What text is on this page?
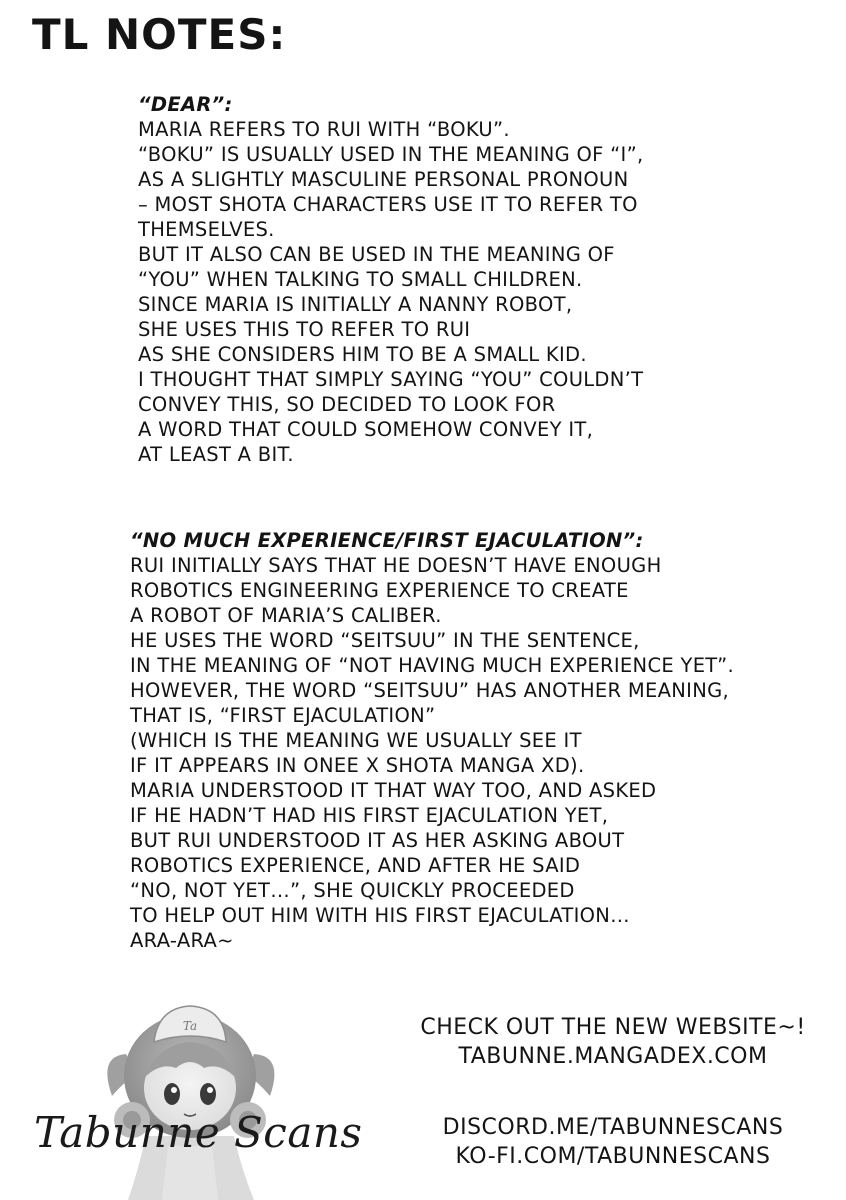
TL NOTES:
“DEAR”:
MARIA REFERS TO RUI WITH “BOKU”.
“BOKU” IS USUALLY USED IN THE MEANING OF “I”,
AS A SLIGHTLY MASCULINE PERSONAL PRONOUN
– MOST SHOTA CHARACTERS USE IT TO REFER TO
THEMSELVES.
BUT IT ALSO CAN BE USED IN THE MEANING OF
“YOU” WHEN TALKING TO SMALL CHILDREN.
SINCE MARIA IS INITIALLY A NANNY ROBOT,
SHE USES THIS TO REFER TO RUI
AS SHE CONSIDERS HIM TO BE A SMALL KID.
I THOUGHT THAT SIMPLY SAYING “YOU” COULDN’T
CONVEY THIS, SO DECIDED TO LOOK FOR
A WORD THAT COULD SOMEHOW CONVEY IT,
AT LEAST A BIT.
“NO MUCH EXPERIENCE/FIRST EJACULATION”:
RUI INITIALLY SAYS THAT HE DOESN’T HAVE ENOUGH
ROBOTICS ENGINEERING EXPERIENCE TO CREATE
A ROBOT OF MARIA’S CALIBER.
HE USES THE WORD “SEITSUU” IN THE SENTENCE,
IN THE MEANING OF “NOT HAVING MUCH EXPERIENCE YET”.
HOWEVER, THE WORD “SEITSUU” HAS ANOTHER MEANING,
THAT IS, “FIRST EJACULATION”
(WHICH IS THE MEANING WE USUALLY SEE IT
IF IT APPEARS IN ONEE X SHOTA MANGA XD).
MARIA UNDERSTOOD IT THAT WAY TOO, AND ASKED
IF HE HADN’T HAD HIS FIRST EJACULATION YET,
BUT RUI UNDERSTOOD IT AS HER ASKING ABOUT
ROBOTICS EXPERIENCE, AND AFTER HE SAID
“NO, NOT YET…”, SHE QUICKLY PROCEEDED
TO HELP OUT HIM WITH HIS FIRST EJACULATION…
ARA-ARA~
Ta
Tabunne Scans
CHECK OUT THE NEW WEBSITE~!
TABUNNE.MANGADEX.COM
DISCORD.ME/TABUNNESCANS
KO-FI.COM/TABUNNESCANS
